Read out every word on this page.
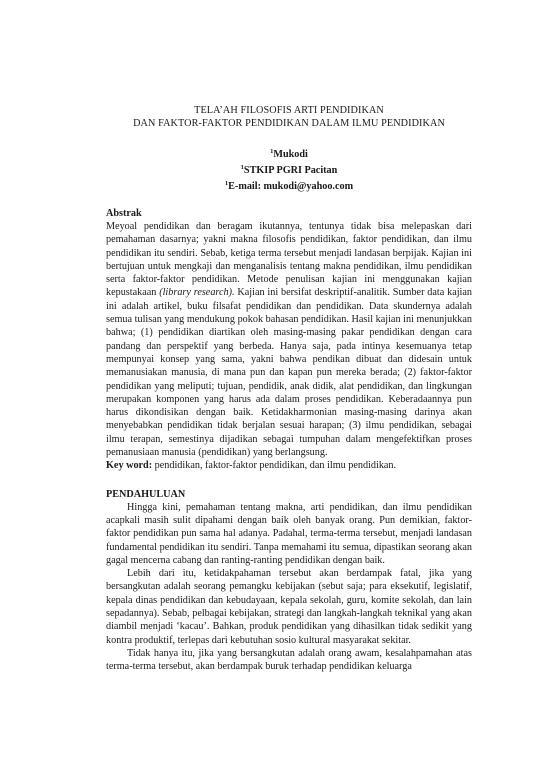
TELA’AH FILOSOFIS ARTI PENDIDIKAN
DAN FAKTOR-FAKTOR PENDIDIKAN DALAM ILMU PENDIDIKAN
$^1$Mukodi
$^1$STKIP PGRI Pacitan
$^1$E-mail: mukodi@yahoo.com
Abstrak

Meyoal pendidikan dan beragam ikutannya, tentunya tidak bisa melepaskan dari pemahaman dasarnya; yakni makna filosofis pendidikan, faktor pendidikan, dan ilmu pendidikan itu sendiri. Sebab, ketiga terma tersebut menjadi landasan berpijak. Kajian ini bertujuan untuk mengkaji dan menganalisis tentang makna pendidikan, ilmu pendidikan serta faktor-faktor pendidikan. Metode penulisan kajian ini menggunakan kajian kepustakaan (library research). Kajian ini bersifat deskriptif-analitik. Sumber data kajian ini adalah artikel, buku filsafat pendidikan dan pendidikan. Data skundernya adalah semua tulisan yang mendukung pokok bahasan pendidikan. Hasil kajian ini menunjukkan bahwa; (1) pendidikan diartikan oleh masing-masing pakar pendidikan dengan cara pandang dan perspektif yang berbeda. Hanya saja, pada intinya kesemuanya tetap mempunyai konsep yang sama, yakni bahwa pendikan dibuat dan didesain untuk memanusiakan manusia, di mana pun dan kapan pun mereka berada; (2) faktor-faktor pendidikan yang meliputi; tujuan, pendidik, anak didik, alat pendidikan, dan lingkungan merupakan komponen yang harus ada dalam proses pendidikan. Keberadaannya pun harus dikondisikan dengan baik. Ketidakharmonian masing-masing darinya akan menyebabkan pendidikan tidak berjalan sesuai harapan; (3) ilmu pendidikan, sebagai ilmu terapan, semestinya dijadikan sebagai tumpuhan dalam mengefektifkan proses pemanusiaan manusia (pendidikan) yang berlangsung.

Key word: pendidikan, faktor-faktor pendidikan, dan ilmu pendidikan.

PENDAHULUAN

Hingga kini, pemahaman tentang makna, arti pendidikan, dan ilmu pendidikan acapkali masih sulit dipahami dengan baik oleh banyak orang. Pun demikian, faktor-faktor pendidikan pun sama hal adanya. Padahal, terma-terma tersebut, menjadi landasan fundamental pendidikan itu sendiri. Tanpa memahami itu semua, dipastikan seorang akan gagal mencerna cabang dan ranting-ranting pendidikan dengan baik.

Lebih dari itu, ketidakpahaman tersebut akan berdampak fatal, jika yang bersangkutan adalah seorang pemangku kebijakan (sebut saja; para eksekutif, legislatif, kepala dinas pendidikan dan kebudayaan, kepala sekolah, guru, komite sekolah, dan lain sepadannya). Sebab, pelbagai kebijakan, strategi dan langkah-langkah teknikal yang akan diambil menjadi ‘kacau’. Bahkan, produk pendidikan yang dihasilkan tidak sedikit yang kontra produktif, terlepas dari kebutuhan sosio kultural masyarakat sekitar.

Tidak hanya itu, jika yang bersangkutan adalah orang awam, kesalahpamahan atas terma-terma tersebut, akan berdampak buruk terhadap pendidikan keluarga
